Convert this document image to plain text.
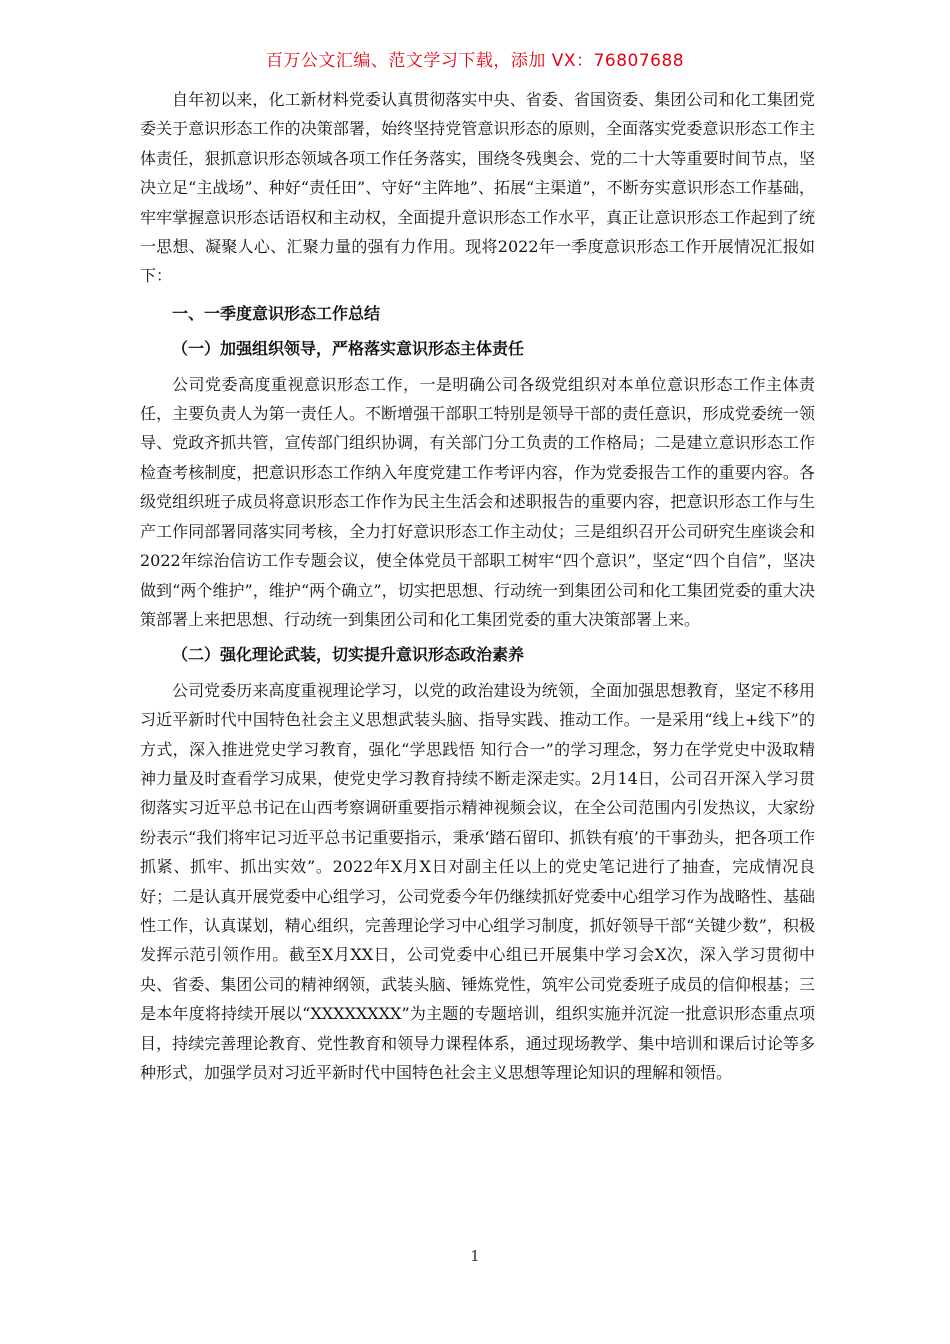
百万公文汇编、范文学习下载，添加 VX：76807688

自年初以来，化工新材料党委认真贯彻落实中央、省委、省国资委、集团公司和化工集团党委关于意识形态工作的决策部署，始终坚持党管意识形态的原则，全面落实党委意识形态工作主体责任，狠抓意识形态领域各项工作任务落实，围绕冬残奥会、党的二十大等重要时间节点，坚决立足“主战场”、种好“责任田”、守好“主阵地”、拓展“主渠道”，不断夯实意识形态工作基础，牢牢掌握意识形态话语权和主动权，全面提升意识形态工作水平，真正让意识形态工作起到了统一思想、凝聚人心、汇聚力量的强有力作用。现将2022年一季度意识形态工作开展情况汇报如下：

一、一季度意识形态工作总结
（一）加强组织领导，严格落实意识形态主体责任

公司党委高度重视意识形态工作，一是明确公司各级党组织对本单位意识形态工作主体责任，主要负责人为第一责任人。不断增强干部职工特别是领导干部的责任意识，形成党委统一领导、党政齐抓共管，宣传部门组织协调，有关部门分工负责的工作格局；二是建立意识形态工作检查考核制度，把意识形态工作纳入年度党建工作考评内容，作为党委报告工作的重要内容。各级党组织班子成员将意识形态工作作为民主生活会和述职报告的重要内容，把意识形态工作与生产工作同部署同落实同考核，全力打好意识形态工作主动仗；三是组织召开公司研究生座谈会和2022年综治信访工作专题会议，使全体党员干部职工树牢“四个意识”，坚定“四个自信”，坚决做到“两个维护”，维护“两个确立”，切实把思想、行动统一到集团公司和化工集团党委的重大决策部署上来把思想、行动统一到集团公司和化工集团党委的重大决策部署上来。

（二）强化理论武装，切实提升意识形态政治素养

公司党委历来高度重视理论学习，以党的政治建设为统领，全面加强思想教育，坚定不移用习近平新时代中国特色社会主义思想武装头脑、指导实践、推动工作。一是采用“线上+线下”的方式，深入推进党史学习教育，强化“学思践悟 知行合一”的学习理念，努力在学党史中汲取精神力量及时查看学习成果，使党史学习教育持续不断走深走实。2月14日，公司召开深入学习贯彻落实习近平总书记在山西考察调研重要指示精神视频会议，在全公司范围内引发热议，大家纷纷表示“我们将牢记习近平总书记重要指示，秉承‘踏石留印、抓铁有痕’的干事劲头，把各项工作抓紧、抓牢、抓出实效”。2022年X月X日对副主任以上的党史笔记进行了抽查，完成情况良好；二是认真开展党委中心组学习，公司党委今年仍继续抓好党委中心组学习作为战略性、基础性工作，认真谋划，精心组织，完善理论学习中心组学习制度，抓好领导干部“关键少数”，积极发挥示范引领作用。截至X月XX日，公司党委中心组已开展集中学习会X次，深入学习贯彻中央、省委、集团公司的精神纲领，武装头脑、锤炼党性，筑牢公司党委班子成员的信仰根基；三是本年度将持续开展以“XXXXXXXX”为主题的专题培训，组织实施并沉淀一批意识形态重点项目，持续完善理论教育、党性教育和领导力课程体系，通过现场教学、集中培训和课后讨论等多种形式，加强学员对习近平新时代中国特色社会主义思想等理论知识的理解和领悟。

1
